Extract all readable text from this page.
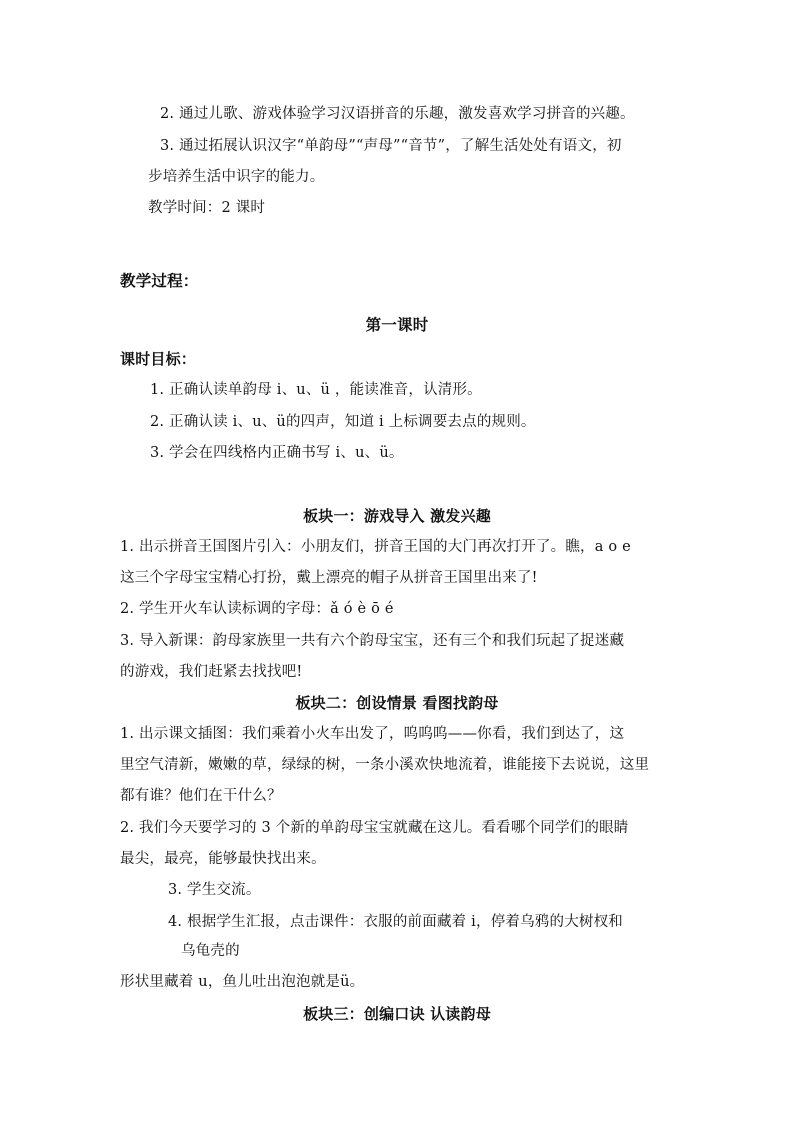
2. 通过儿歌、游戏体验学习汉语拼音的乐趣，激发喜欢学习拼音的兴趣。
3. 通过拓展认识汉字“单韵母”“声母”“音节”，了解生活处处有语文，初
步培养生活中识字的能力。
教学时间：2 课时
教学过程：
第一课时
课时目标：
1. 正确认读单韵母 i、u、ü ，能读准音，认清形。
2. 正确认读 i、u、ü的四声，知道 i 上标调要去点的规则。
3. 学会在四线格内正确书写 i、u、ü。
板块一：游戏导入 激发兴趣
1. 出示拼音王国图片引入：小朋友们，拼音王国的大门再次打开了。瞧，a o e
这三个字母宝宝精心打扮，戴上漂亮的帽子从拼音王国里出来了!
2. 学生开火车认读标调的字母：ǎ ó è ō é
3. 导入新课：韵母家族里一共有六个韵母宝宝，还有三个和我们玩起了捉迷藏
的游戏，我们赶紧去找找吧!
板块二：创设情景 看图找韵母
1. 出示课文插图：我们乘着小火车出发了，呜呜呜——你看，我们到达了，这
里空气清新，嫩嫩的草，绿绿的树，一条小溪欢快地流着，谁能接下去说说，这里
都有谁？他们在干什么？
2. 我们今天要学习的 3 个新的单韵母宝宝就藏在这儿。看看哪个同学们的眼睛
最尖，最亮，能够最快找出来。
3. 学生交流。
4. 根据学生汇报，点击课件：衣服的前面藏着 i，停着乌鸦的大树杈和
乌龟壳的
形状里藏着 u，鱼儿吐出泡泡就是ü。
板块三：创编口诀 认读韵母
